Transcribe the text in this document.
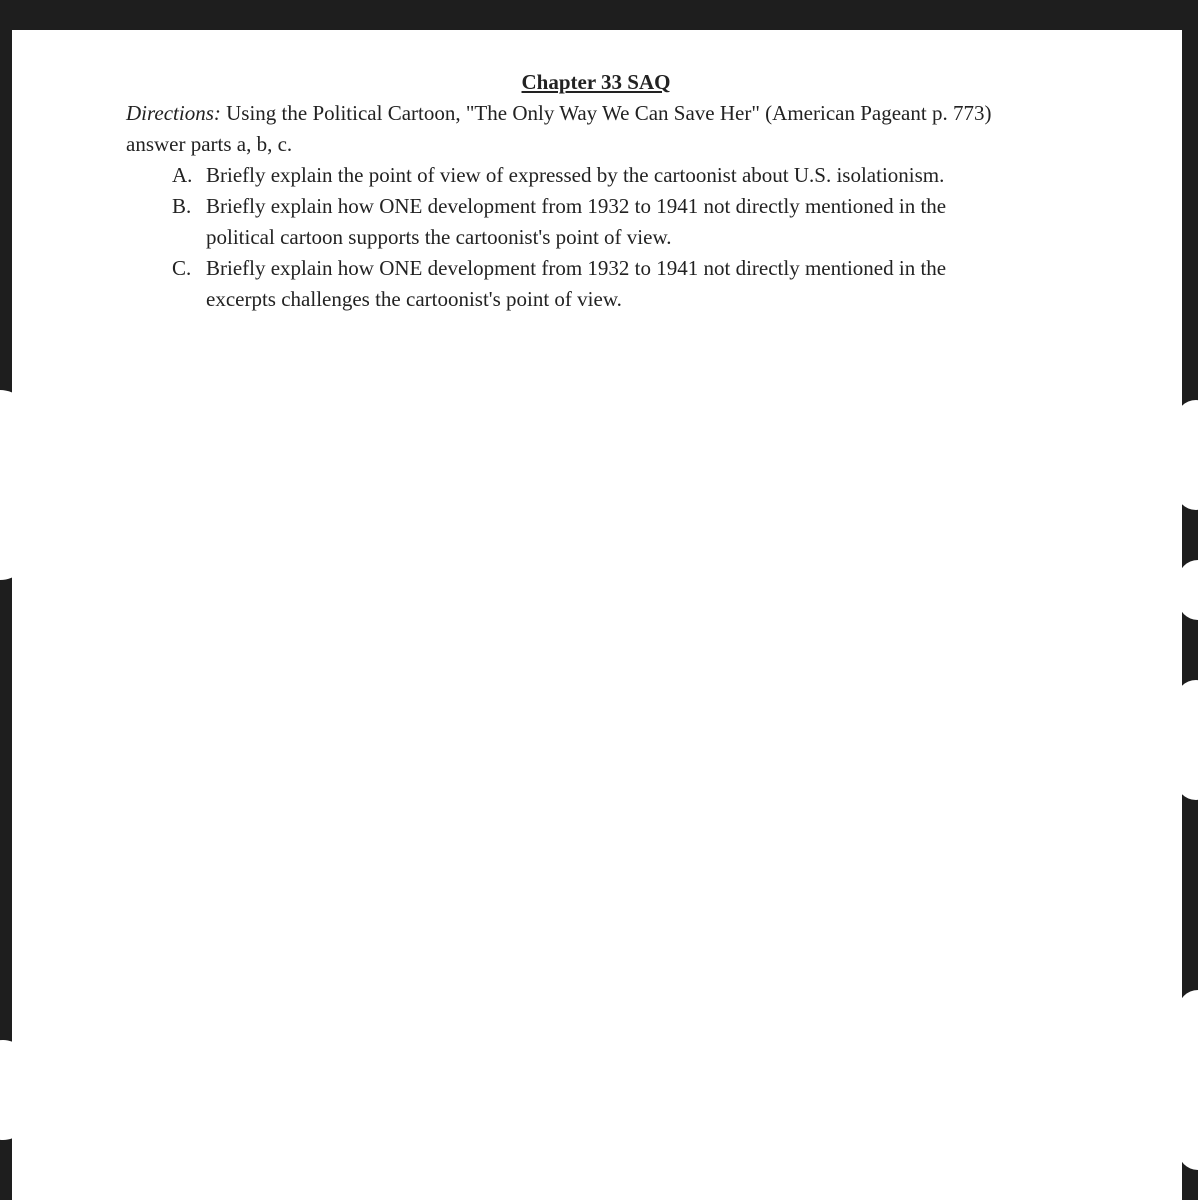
Chapter 33 SAQ

Directions: Using the Political Cartoon, "The Only Way We Can Save Her" (American Pageant p. 773) answer parts a, b, c.

A. Briefly explain the point of view of expressed by the cartoonist about U.S. isolationism.
B. Briefly explain how ONE development from 1932 to 1941 not directly mentioned in the political cartoon supports the cartoonist's point of view.
C. Briefly explain how ONE development from 1932 to 1941 not directly mentioned in the excerpts challenges the cartoonist's point of view.
